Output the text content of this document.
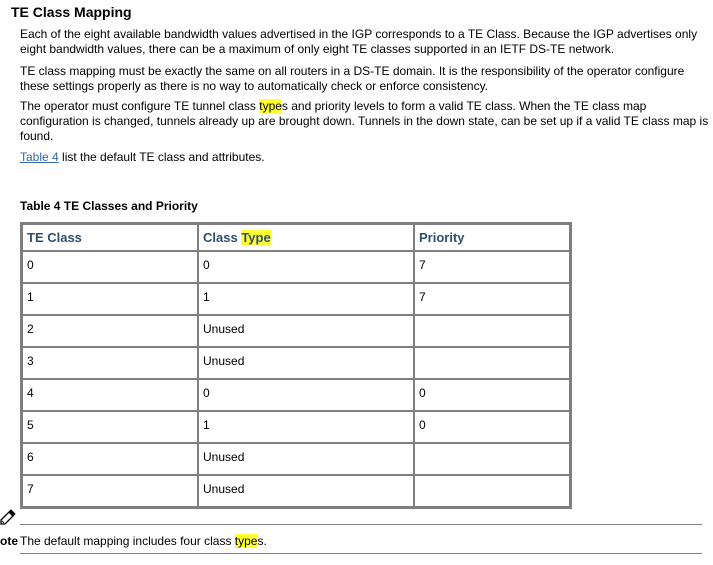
TE Class Mapping
Each of the eight available bandwidth values advertised in the IGP corresponds to a TE Class. Because the IGP advertises only eight bandwidth values, there can be a maximum of only eight TE classes supported in an IETF DS-TE network.
TE class mapping must be exactly the same on all routers in a DS-TE domain. It is the responsibility of the operator configure these settings properly as there is no way to automatically check or enforce consistency.
The operator must configure TE tunnel class types and priority levels to form a valid TE class. When the TE class map configuration is changed, tunnels already up are brought down. Tunnels in the down state, can be set up if a valid TE class map is found.
Table 4 list the default TE class and attributes.
Table 4 TE Classes and Priority
TE Class	Class Type	Priority
0	0	7
1	1	7
2	Unused	
3	Unused	
4	0	0
5	1	0
6	Unused	
7	Unused	
ote The default mapping includes four class types.
